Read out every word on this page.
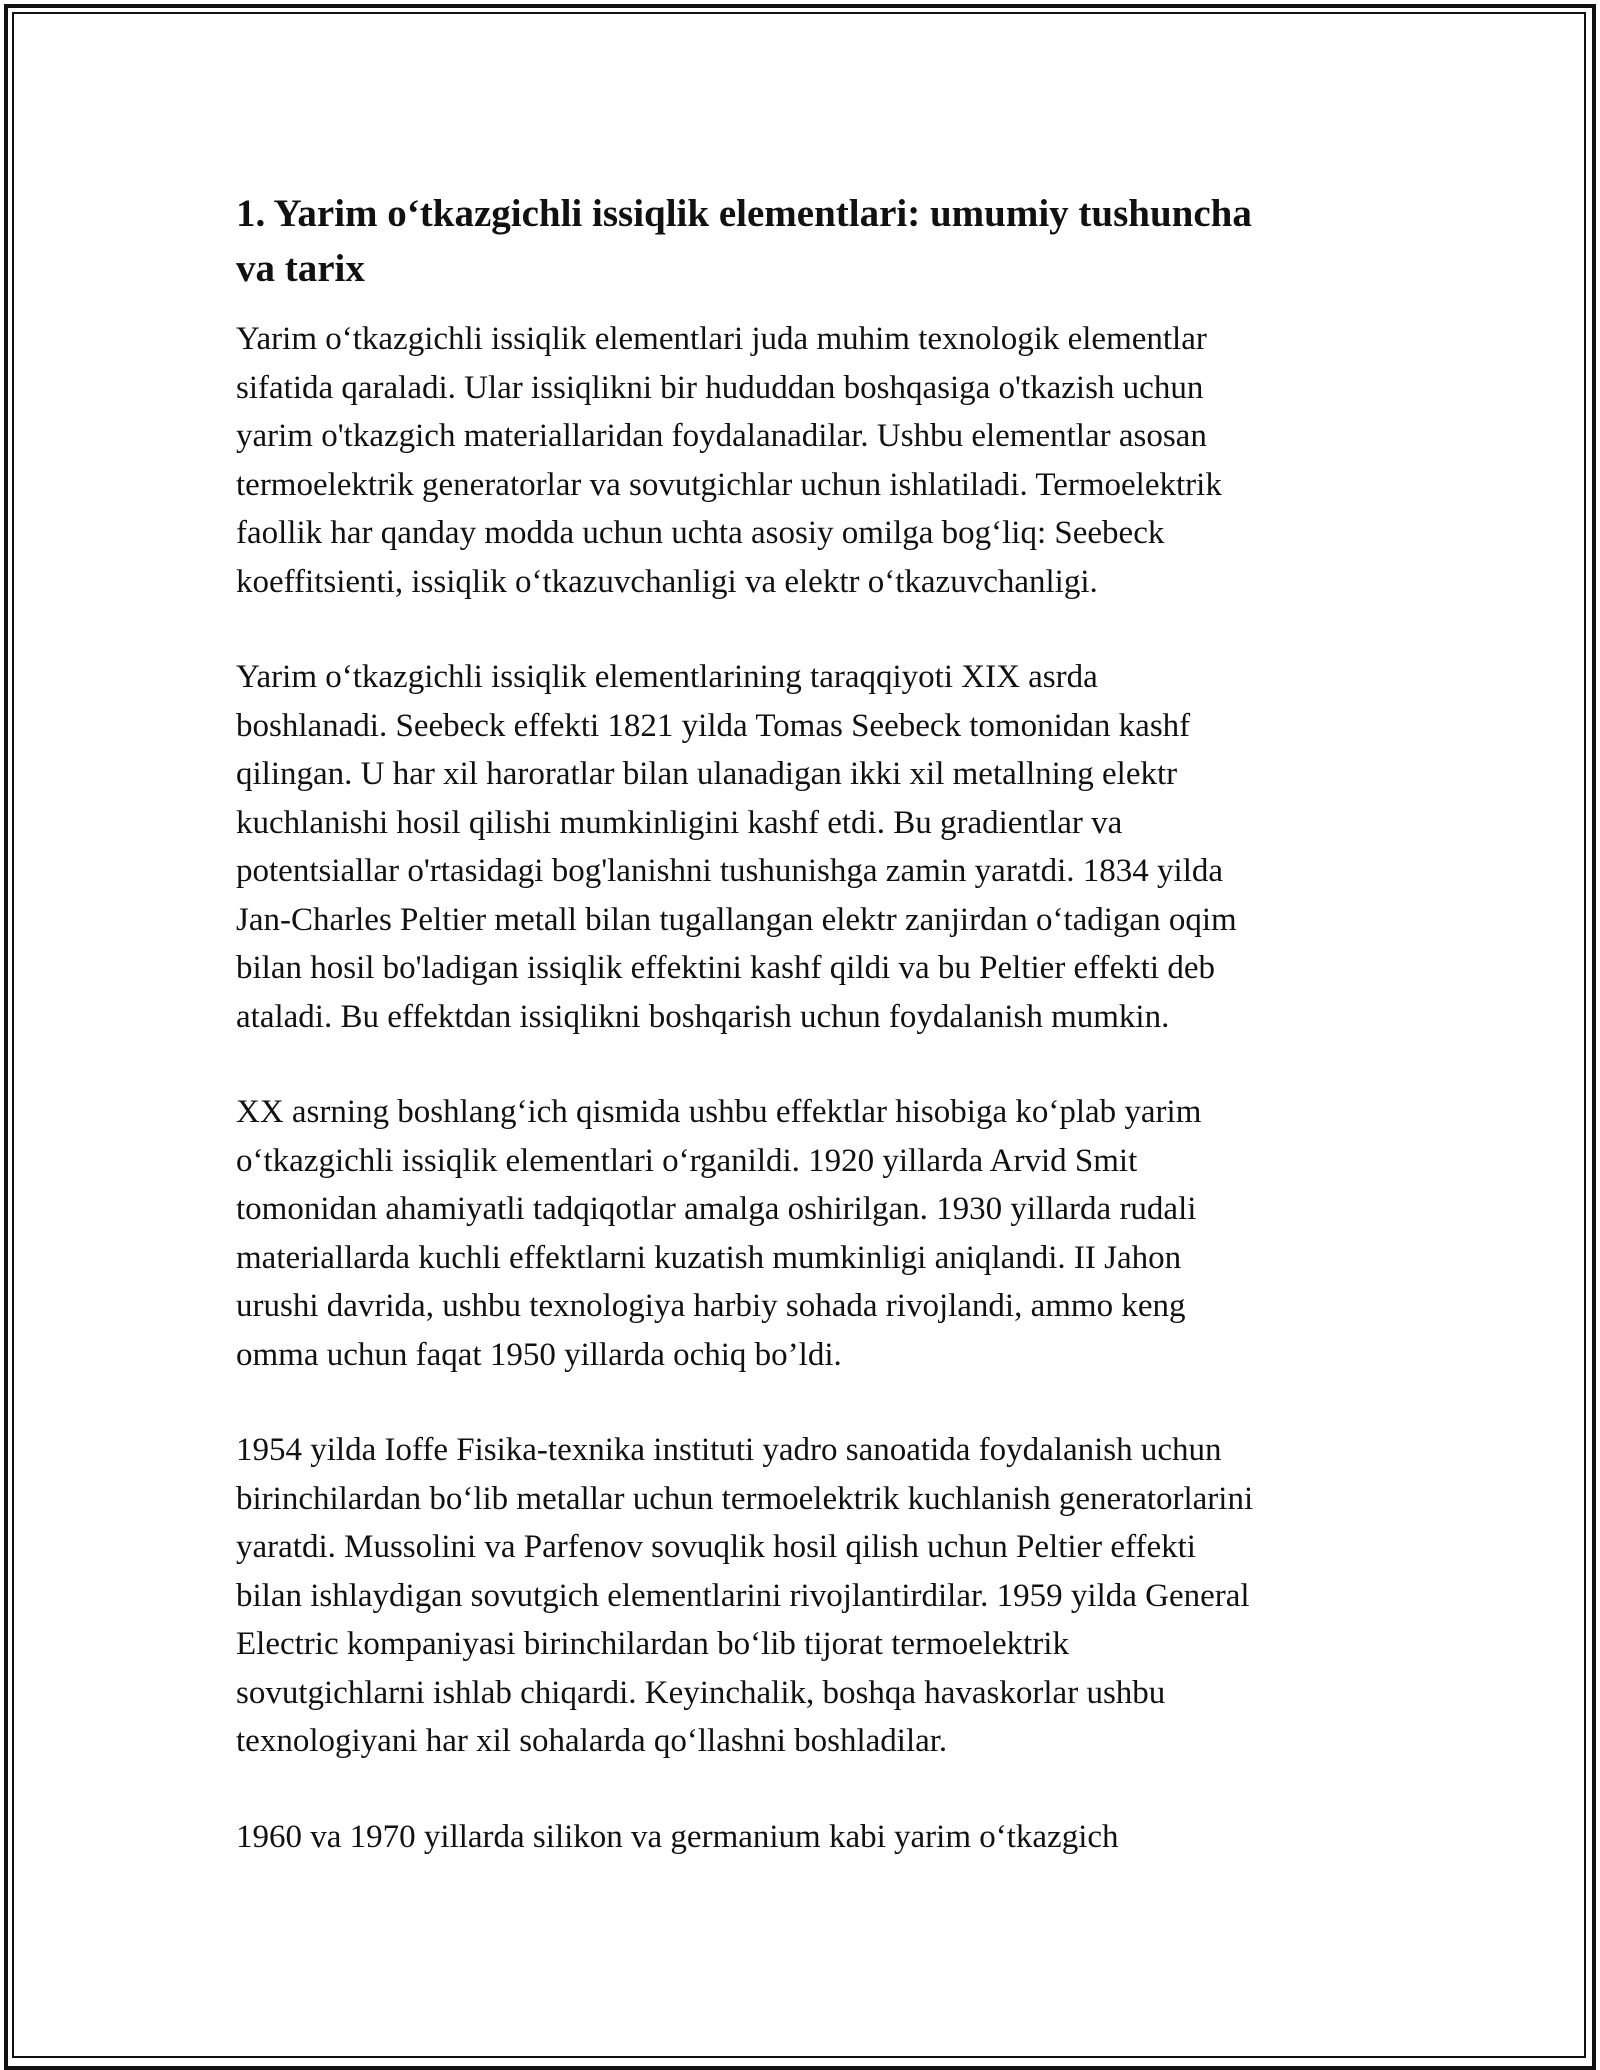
1. Yarim o‘tkazgichli issiqlik elementlari: umumiy tushuncha
va tarix

Yarim o‘tkazgichli issiqlik elementlari juda muhim texnologik elementlar
sifatida qaraladi. Ular issiqlikni bir hududdan boshqasiga o'tkazish uchun
yarim o'tkazgich materiallaridan foydalanadilar. Ushbu elementlar asosan
termoelektrik generatorlar va sovutgichlar uchun ishlatiladi. Termoelektrik
faollik har qanday modda uchun uchta asosiy omilga bog‘liq: Seebeck
koeffitsienti, issiqlik o‘tkazuvchanligi va elektr o‘tkazuvchanligi.

Yarim o‘tkazgichli issiqlik elementlarining taraqqiyoti XIX asrda
boshlanadi. Seebeck effekti 1821 yilda Tomas Seebeck tomonidan kashf
qilingan. U har xil haroratlar bilan ulanadigan ikki xil metallning elektr
kuchlanishi hosil qilishi mumkinligini kashf etdi. Bu gradientlar va
potentsiallar o'rtasidagi bog'lanishni tushunishga zamin yaratdi. 1834 yilda
Jan-Charles Peltier metall bilan tugallangan elektr zanjirdan o‘tadigan oqim
bilan hosil bo'ladigan issiqlik effektini kashf qildi va bu Peltier effekti deb
ataladi. Bu effektdan issiqlikni boshqarish uchun foydalanish mumkin.

XX asrning boshlang‘ich qismida ushbu effektlar hisobiga ko‘plab yarim
o‘tkazgichli issiqlik elementlari o‘rganildi. 1920 yillarda Arvid Smit
tomonidan ahamiyatli tadqiqotlar amalga oshirilgan. 1930 yillarda rudali
materiallarda kuchli effektlarni kuzatish mumkinligi aniqlandi. II Jahon
urushi davrida, ushbu texnologiya harbiy sohada rivojlandi, ammo keng
omma uchun faqat 1950 yillarda ochiq bo’ldi.

1954 yilda Ioffe Fisika-texnika instituti yadro sanoatida foydalanish uchun
birinchilardan bo‘lib metallar uchun termoelektrik kuchlanish generatorlarini
yaratdi. Mussolini va Parfenov sovuqlik hosil qilish uchun Peltier effekti
bilan ishlaydigan sovutgich elementlarini rivojlantirdilar. 1959 yilda General
Electric kompaniyasi birinchilardan bo‘lib tijorat termoelektrik
sovutgichlarni ishlab chiqardi. Keyinchalik, boshqa havaskorlar ushbu
texnologiyani har xil sohalarda qo‘llashni boshladilar.

1960 va 1970 yillarda silikon va germanium kabi yarim o‘tkazgich
